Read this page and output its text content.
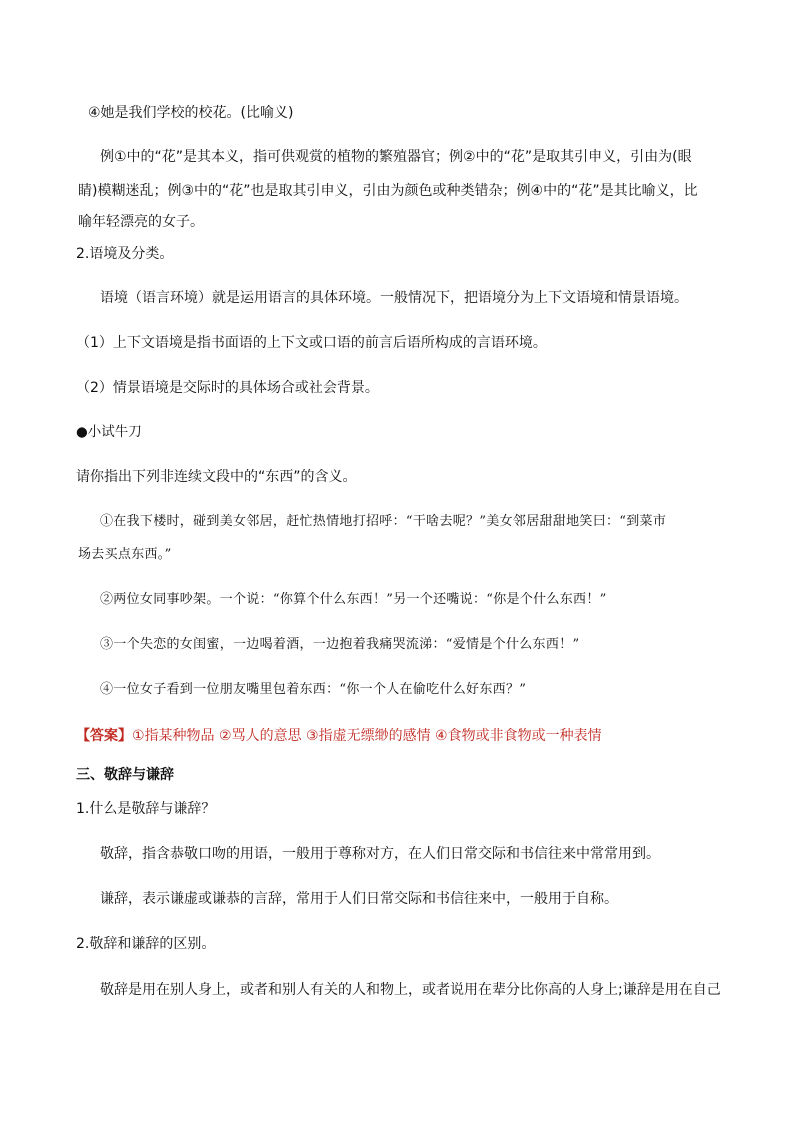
④她是我们学校的校花。(比喻义)
例①中的“花”是其本义，指可供观赏的植物的繁殖器官；例②中的“花”是取其引申义，引由为(眼
睛)模糊迷乱；例③中的“花”也是取其引申义，引由为颜色或种类错杂；例④中的“花”是其比喻义，比
喻年轻漂亮的女子。
2.语境及分类。
语境（语言环境）就是运用语言的具体环境。一般情况下，把语境分为上下文语境和情景语境。
（1）上下文语境是指书面语的上下文或口语的前言后语所构成的言语环境。
（2）情景语境是交际时的具体场合或社会背景。
●小试牛刀
请你指出下列非连续文段中的“东西”的含义。
①在我下楼时，碰到美女邻居，赶忙热情地打招呼：“干啥去呢？”美女邻居甜甜地笑曰：“到菜市
场去买点东西。”
②两位女同事吵架。一个说：“你算个什么东西！”另一个还嘴说：“你是个什么东西！”
③一个失恋的女闺蜜，一边喝着酒，一边抱着我痛哭流涕：“爱情是个什么东西！”
④一位女子看到一位朋友嘴里包着东西：“你一个人在偷吃什么好东西？”
【答案】①指某种物品 ②骂人的意思 ③指虚无缥缈的感情 ④食物或非食物或一种表情
三、敬辞与谦辞
1.什么是敬辞与谦辞？
敬辞，指含恭敬口吻的用语，一般用于尊称对方，在人们日常交际和书信往来中常常用到。
谦辞，表示谦虚或谦恭的言辞，常用于人们日常交际和书信往来中，一般用于自称。
2.敬辞和谦辞的区别。
敬辞是用在别人身上，或者和别人有关的人和物上，或者说用在辈分比你高的人身上;谦辞是用在自己
